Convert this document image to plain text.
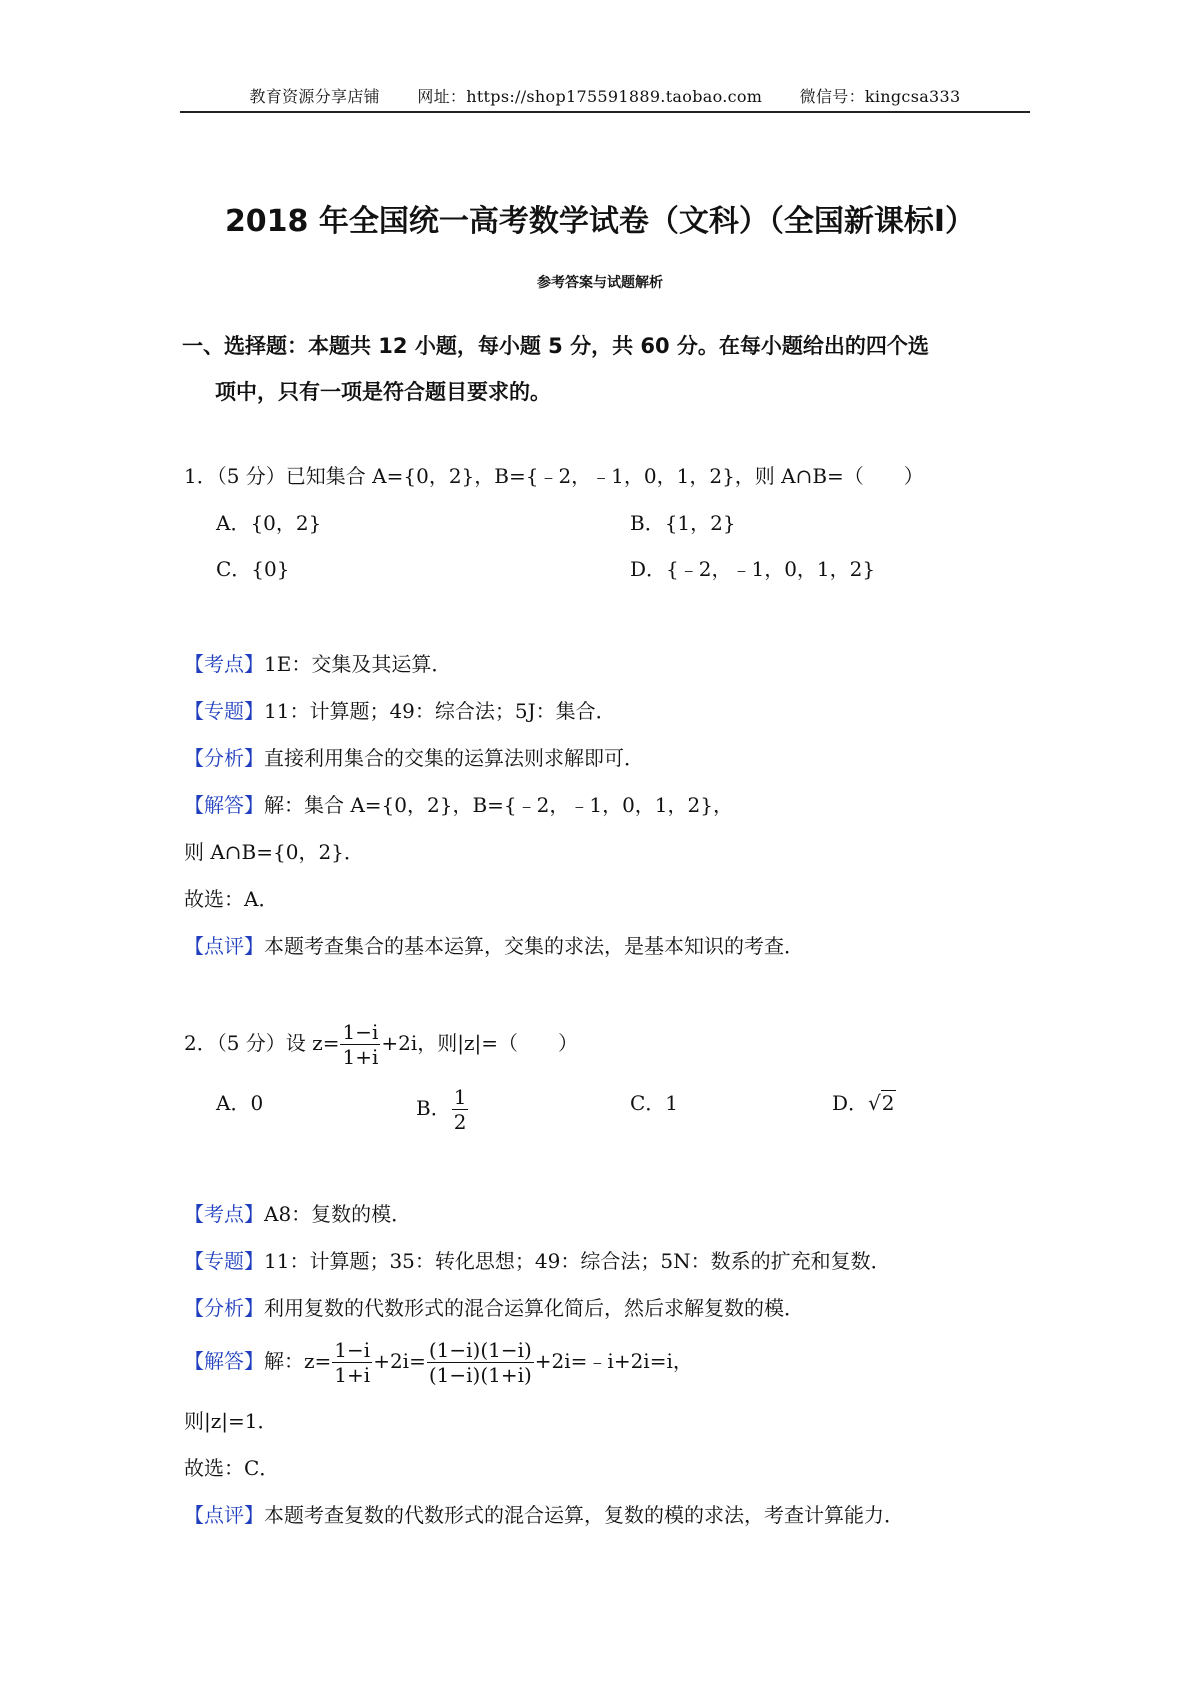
教育资源分享店铺 网址：https://shop175591889.taobao.com 微信号：kingcsa333
2018 年全国统一高考数学试卷（文科）（全国新课标Ⅰ）
参考答案与试题解析
一、选择题：本题共 12 小题，每小题 5 分，共 60 分。在每小题给出的四个选
项中，只有一项是符合题目要求的。
1．（5 分）已知集合 A={0，2}，B={﹣2，﹣1，0，1，2}，则 A∩B=（　　）
A．{0，2}	B．{1，2}
C．{0}	D．{﹣2，﹣1，0，1，2}
【考点】1E：交集及其运算．
【专题】11：计算题；49：综合法；5J：集合．
【分析】直接利用集合的交集的运算法则求解即可．
【解答】解：集合 A={0，2}，B={﹣2，﹣1，0，1，2}，
则 A∩B={0，2}．
故选：A．
【点评】本题考查集合的基本运算，交集的求法，是基本知识的考查．
2．（5 分）设 $z= \frac{1-i}{1+i} +2i$，则|z|=（　　）
A．0	B． $\frac{1}{2}$	C．1	D．√2
【考点】A8：复数的模．
【专题】11：计算题；35：转化思想；49：综合法；5N：数系的扩充和复数．
【分析】利用复数的代数形式的混合运算化简后，然后求解复数的模．
【解答】解：$z= \frac{1-i}{1+i} +2i= \frac{(1-i)(1-i)}{(1-i)(1+i)}$ +2i=﹣i+2i=i，
则|z|=1．
故选：C．
【点评】本题考查复数的代数形式的混合运算，复数的模的求法，考查计算能力．
